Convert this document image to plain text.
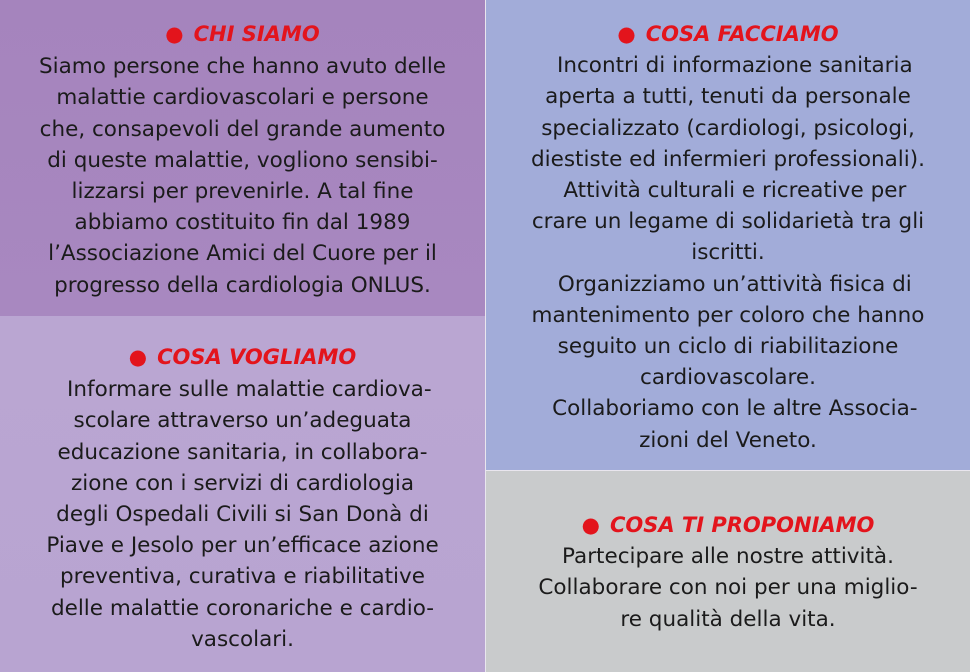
● CHI SIAMO
Siamo persone che hanno avuto delle
malattie cardiovascolari e persone
che, consapevoli del grande aumento
di queste malattie, vogliono sensibi-
lizzarsi per prevenirle. A tal fine
abbiamo costituito fin dal 1989
l’Associazione Amici del Cuore per il
progresso della cardiologia ONLUS.
● COSA VOGLIAMO
Informare sulle malattie cardiova-
scolare attraverso un’adeguata
educazione sanitaria, in collabora-
zione con i servizi di cardiologia
degli Ospedali Civili si San Donà di
Piave e Jesolo per un’efficace azione
preventiva, curativa e riabilitative
delle malattie coronariche e cardio-
vascolari.
● COSA FACCIAMO
Incontri di informazione sanitaria
aperta a tutti, tenuti da personale
specializzato (cardiologi, psicologi,
diestiste ed infermieri professionali).
Attività culturali e ricreative per
crare un legame di solidarietà tra gli
iscritti.
Organizziamo un’attività fisica di
mantenimento per coloro che hanno
seguito un ciclo di riabilitazione
cardiovascolare.
Collaboriamo con le altre Associa-
zioni del Veneto.
● COSA TI PROPONIAMO
Partecipare alle nostre attività.
Collaborare con noi per una miglio-
re qualità della vita.
